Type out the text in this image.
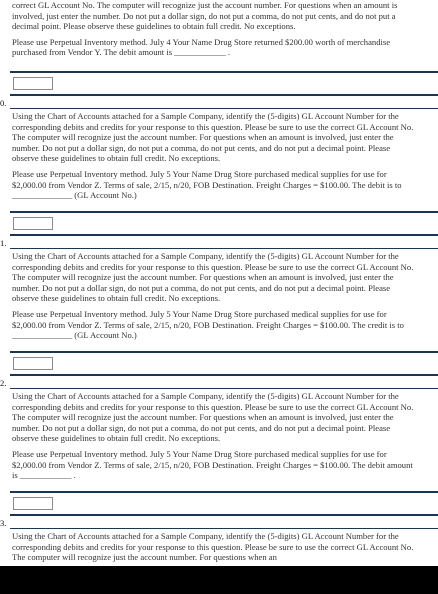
correct GL Account No. The computer will recognize just the account number. For questions when an amount is involved, just enter the number. Do not put a dollar sign, do not put a comma, do not put cents, and do not put a decimal point. Please observe these guidelines to obtain full credit. No exceptions.

Please use Perpetual Inventory method. July 4 Your Name Drug Store returned $200.00 worth of merchandise purchased from Vendor Y. The debit amount is ____________ .

0.

Using the Chart of Accounts attached for a Sample Company, identify the (5-digits) GL Account Number for the corresponding debits and credits for your response to this question. Please be sure to use the correct GL Account No. The computer will recognize just the account number. For questions when an amount is involved, just enter the number. Do not put a dollar sign, do not put a comma, do not put cents, and do not put a decimal point. Please observe these guidelines to obtain full credit. No exceptions.

Please use Perpetual Inventory method. July 5 Your Name Drug Store purchased medical supplies for use for $2,000.00 from Vendor Z. Terms of sale, 2/15, n/20, FOB Destination. Freight Charges = $100.00. The debit is to ______________ (GL Account No.)

1.

Using the Chart of Accounts attached for a Sample Company, identify the (5-digits) GL Account Number for the corresponding debits and credits for your response to this question. Please be sure to use the correct GL Account No. The computer will recognize just the account number. For questions when an amount is involved, just enter the number. Do not put a dollar sign, do not put a comma, do not put cents, and do not put a decimal point. Please observe these guidelines to obtain full credit. No exceptions.

Please use Perpetual Inventory method. July 5 Your Name Drug Store purchased medical supplies for use for $2,000.00 from Vendor Z. Terms of sale, 2/15, n/20, FOB Destination. Freight Charges = $100.00. The credit is to ______________ (GL Account No.)

2.

Using the Chart of Accounts attached for a Sample Company, identify the (5-digits) GL Account Number for the corresponding debits and credits for your response to this question. Please be sure to use the correct GL Account No. The computer will recognize just the account number. For questions when an amount is involved, just enter the number. Do not put a dollar sign, do not put a comma, do not put cents, and do not put a decimal point. Please observe these guidelines to obtain full credit. No exceptions.

Please use Perpetual Inventory method. July 5 Your Name Drug Store purchased medical supplies for use for $2,000.00 from Vendor Z. Terms of sale, 2/15, n/20, FOB Destination. Freight Charges = $100.00. The debit amount is ____________ .

3.

Using the Chart of Accounts attached for a Sample Company, identify the (5-digits) GL Account Number for the corresponding debits and credits for your response to this question. Please be sure to use the correct GL Account No. The computer will recognize just the account number. For questions when an
